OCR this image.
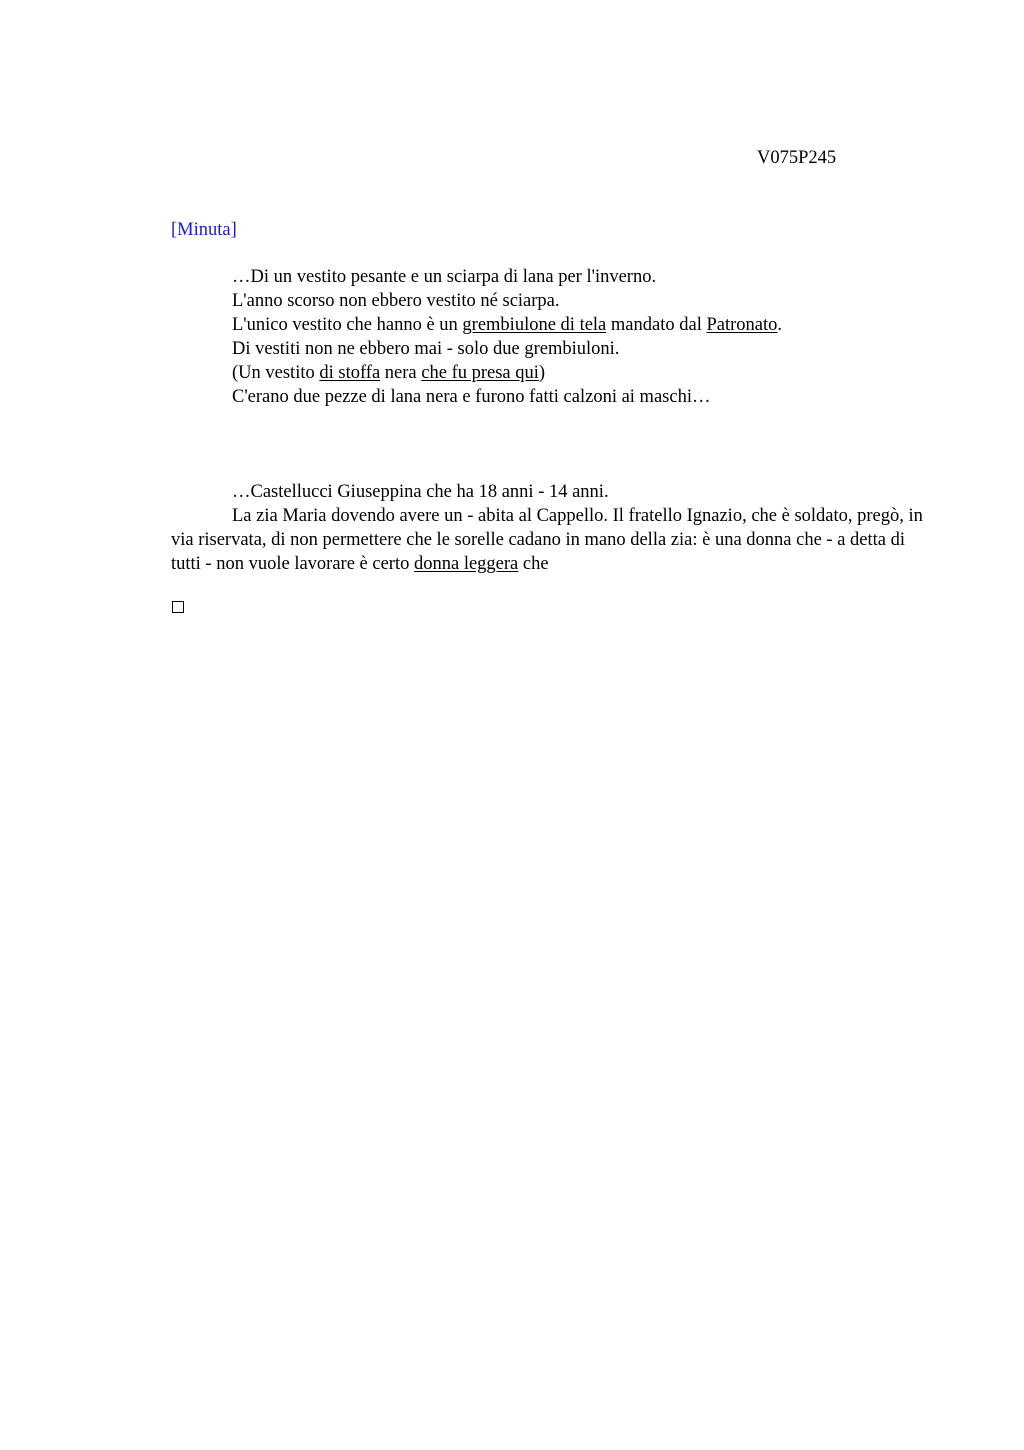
V075P245
[Minuta]
…Di un vestito pesante e un sciarpa di lana per l'inverno.
L'anno scorso non ebbero vestito né sciarpa.
L'unico vestito che hanno è un grembiulone di tela mandato dal Patronato.
Di vestiti non ne ebbero mai - solo due grembiuloni.
(Un vestito di stoffa nera che fu presa qui)
C'erano due pezze di lana nera e furono fatti calzoni ai maschi…
…Castellucci Giuseppina che ha 18 anni - 14 anni.

La zia Maria dovendo avere un - abita al Cappello. Il fratello Ignazio, che è soldato, pregò, in via riservata, di non permettere che le sorelle cadano in mano della zia: è una donna che - a detta di tutti - non vuole lavorare è certo donna leggera che
